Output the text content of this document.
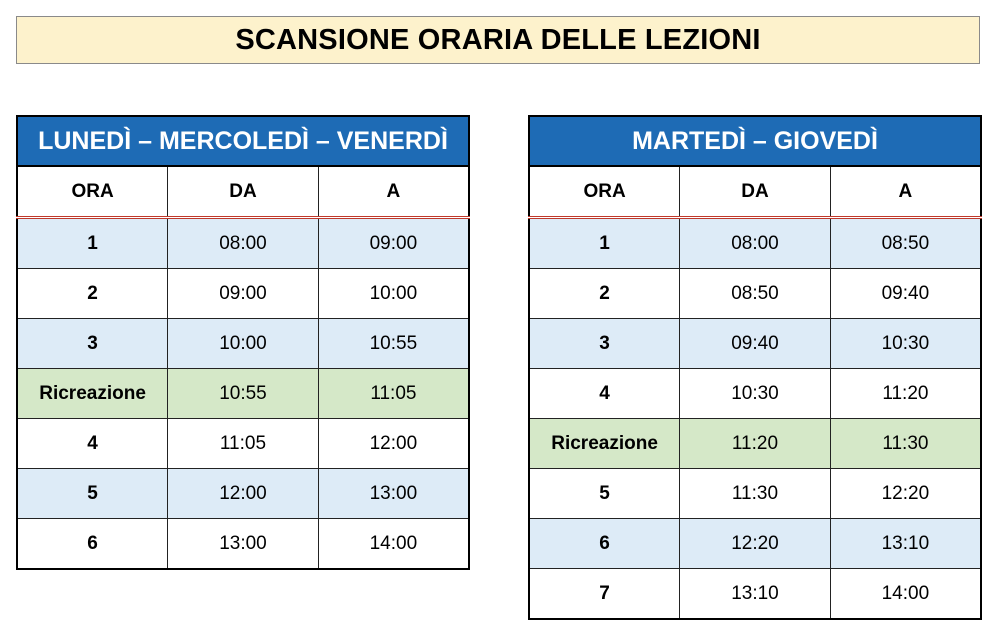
SCANSIONE ORARIA DELLE LEZIONI
LUNEDÌ – MERCOLEDÌ – VENERDÌ		
ORA	DA	A
1	08:00	09:00
2	09:00	10:00
3	10:00	10:55
Ricreazione	10:55	11:05
4	11:05	12:00
5	12:00	13:00
6	13:00	14:00
MARTEDÌ – GIOVEDÌ		
ORA	DA	A
1	08:00	08:50
2	08:50	09:40
3	09:40	10:30
4	10:30	11:20
Ricreazione	11:20	11:30
5	11:30	12:20
6	12:20	13:10
7	13:10	14:00
